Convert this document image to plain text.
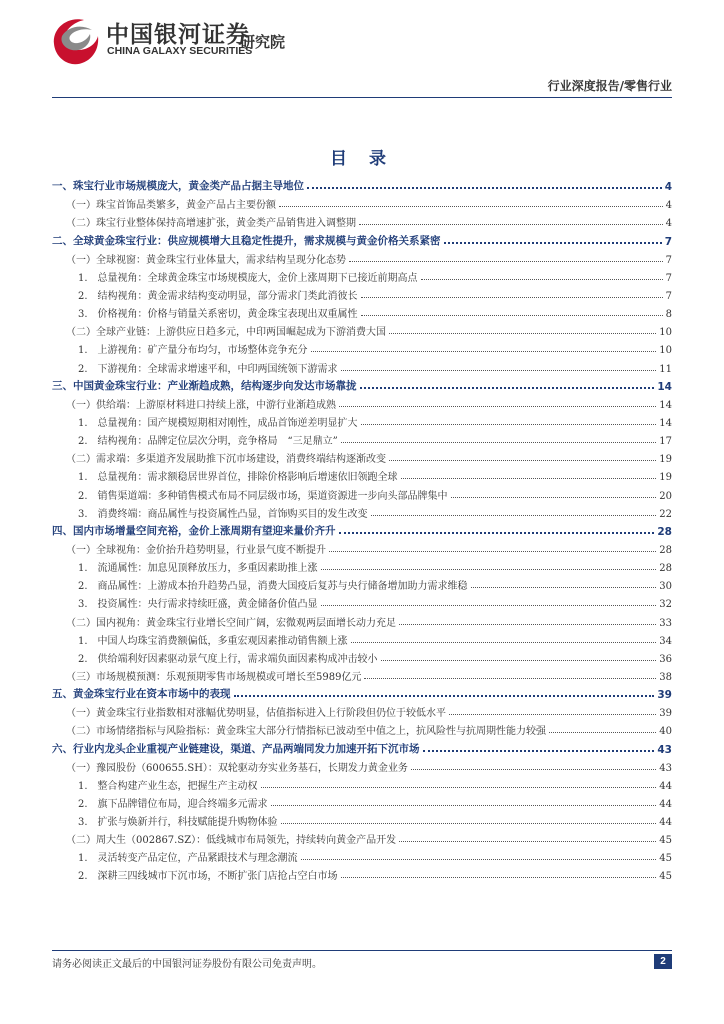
中国银河证券
CHINA GALAXY SECURITIES
研究院
行业深度报告/零售行业
目 录
一、珠宝行业市场规模庞大，黄金类产品占据主导地位	4
（一）珠宝首饰品类繁多，黄金产品占主要份额	4
（二）珠宝行业整体保持高增速扩张，黄金类产品销售进入调整期	4
二、全球黄金珠宝行业：供应规模增大且稳定性提升，需求规模与黄金价格关系紧密	7
（一）全球视窗：黄金珠宝行业体量大，需求结构呈现分化态势	7
1.　总量视角：全球黄金珠宝市场规模庞大，金价上涨周期下已接近前期高点	7
2.　结构视角：黄金需求结构变动明显，部分需求门类此消彼长	7
3.　价格视角：价格与销量关系密切，黄金珠宝表现出双重属性	8
（二）全球产业链：上游供应日趋多元，中印两国崛起成为下游消费大国	10
1.　上游视角：矿产量分布均匀，市场整体竞争充分	10
2.　下游视角：全球需求增速平和，中印两国统领下游需求	11
三、中国黄金珠宝行业：产业渐趋成熟，结构逐步向发达市场靠拢	14
（一）供给端：上游原材料进口持续上涨，中游行业渐趋成熟	14
1.　总量视角：国产规模短期相对刚性，成品首饰逆差明显扩大	14
2.　结构视角：品牌定位层次分明，竞争格局　“三足鼎立”	17
（二）需求端：多渠道齐发展助推下沉市场建设，消费终端结构逐渐改变	19
1.　总量视角：需求额稳居世界首位，排除价格影响后增速依旧领跑全球	19
2.　销售渠道端：多种销售模式布局不同层级市场，渠道资源进一步向头部品牌集中	20
3.　消费终端：商品属性与投资属性凸显，首饰购买目的发生改变	22
四、国内市场增量空间充裕，金价上涨周期有望迎来量价齐升	28
（一）全球视角：金价抬升趋势明显，行业景气度不断提升	28
1.　流通属性：加息见顶释放压力，多重因素助推上涨	28
2.　商品属性：上游成本抬升趋势凸显，消费大国疫后复苏与央行储备增加助力需求维稳	30
3.　投资属性：央行需求持续旺盛，黄金储备价值凸显	32
（二）国内视角：黄金珠宝行业增长空间广阔，宏微观两层面增长动力充足	33
1.　中国人均珠宝消费额偏低，多重宏观因素推动销售额上涨	34
2.　供给端利好因素驱动景气度上行，需求端负面因素构成冲击较小	36
（三）市场规模预测：乐观预期零售市场规模或可增长至5989亿元	38
五、黄金珠宝行业在资本市场中的表现	39
（一）黄金珠宝行业指数相对涨幅优势明显，估值指标进入上行阶段但仍位于较低水平	39
（二）市场情绪指标与风险指标：黄金珠宝大部分行情指标已波动至中值之上，抗风险性与抗周期性能力较强	40
六、行业内龙头企业重视产业链建设，渠道、产品两端同发力加速开拓下沉市场	43
（一）豫园股份（600655.SH）：双轮驱动夯实业务基石，长期发力黄金业务	43
1.　整合构建产业生态，把握生产主动权	44
2.　旗下品牌错位布局，迎合终端多元需求	44
3.　扩张与焕新并行，科技赋能提升购物体验	44
（二）周大生（002867.SZ）：低线城市布局领先，持续转向黄金产品开发	45
1.　灵活转变产品定位，产品紧跟技术与理念潮流	45
2.　深耕三四线城市下沉市场，不断扩张门店抢占空白市场	45
请务必阅读正文最后的中国银河证券股份有限公司免责声明。	2
